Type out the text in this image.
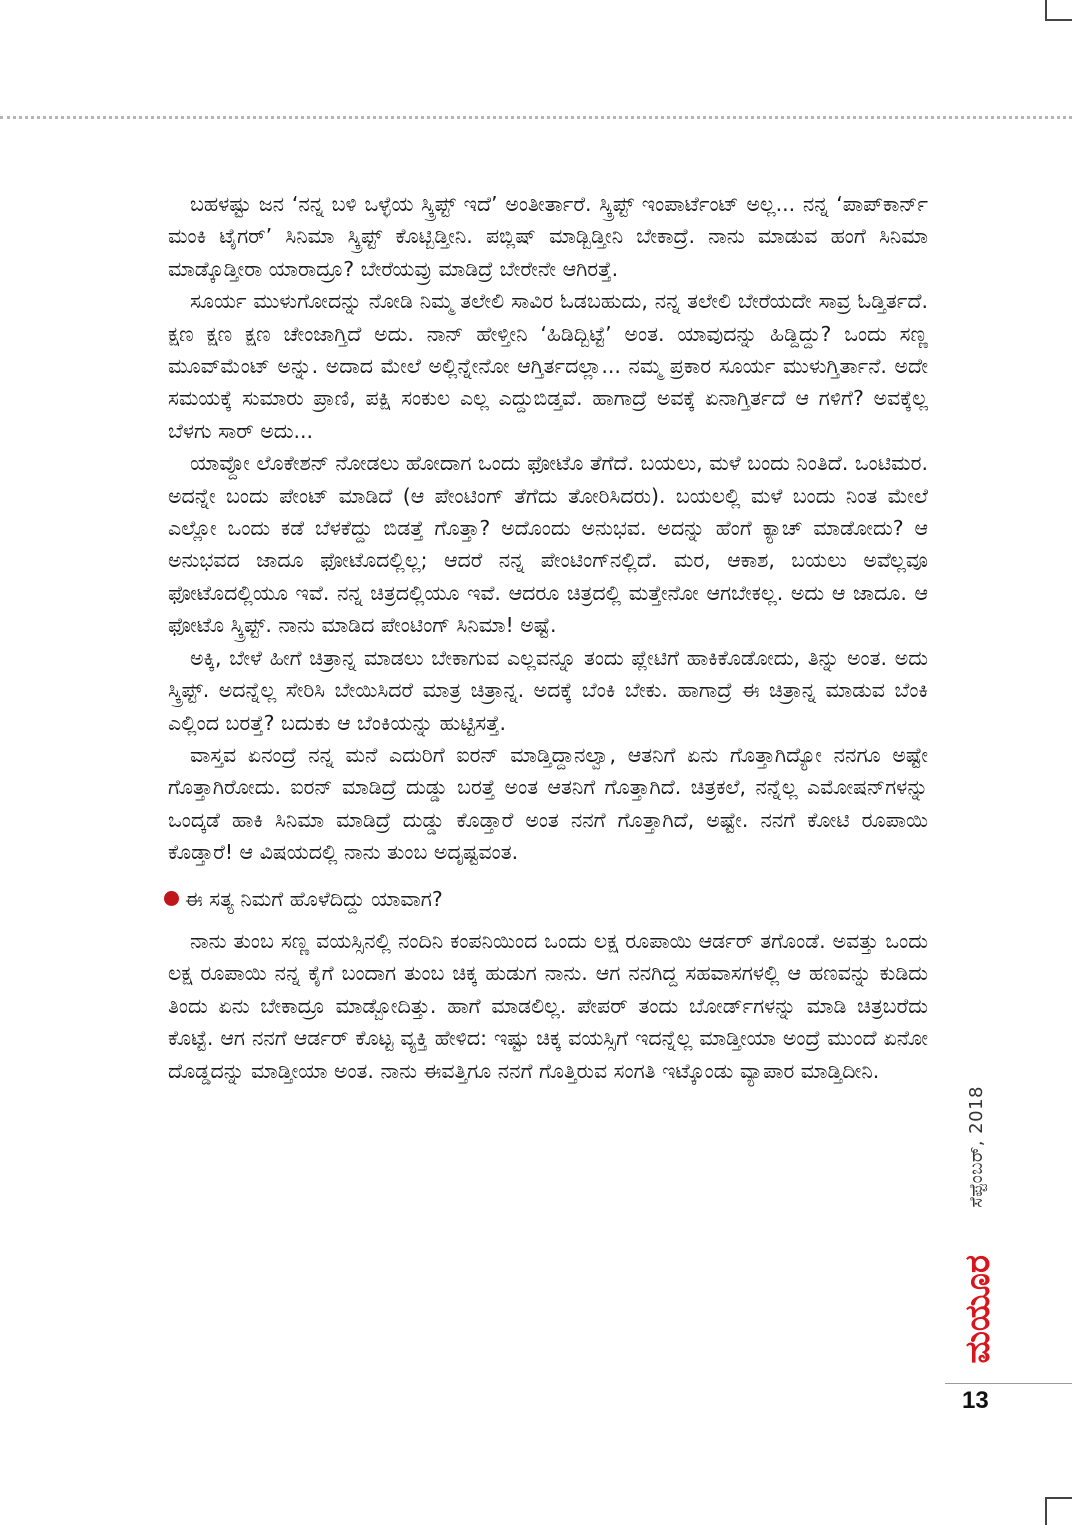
ಬಹಳಷ್ಟು ಜನ ‘ನನ್ನ ಬಳಿ ಒಳ್ಳೆಯ ಸ್ಕ್ರಿಪ್ಟ್ ಇದೆ’ ಅಂತೀರ್ತಾರೆ. ಸ್ಕ್ರಿಪ್ಟ್ ಇಂಪಾರ್ಟೆಂಟ್ ಅಲ್ಲ... ನನ್ನ ‘ಪಾಪ್‌ಕಾರ್ನ್ ಮಂಕಿ ಟೈಗರ್’ ಸಿನಿಮಾ ಸ್ಕ್ರಿಪ್ಟ್ ಕೊಟ್ಬಿಡ್ತೀನಿ. ಪಬ್ಲಿಷ್ ಮಾಡ್ಬಿಡ್ತೀನಿ ಬೇಕಾದ್ರೆ. ನಾನು ಮಾಡುವ ಹಂಗೆ ಸಿನಿಮಾ ಮಾಡ್ಕೊಡ್ತೀರಾ ಯಾರಾದ್ರೂ? ಬೇರೆಯವ್ರು ಮಾಡಿದ್ರೆ ಬೇರೇನೇ ಆಗಿರತ್ತೆ.

ಸೂರ್ಯ ಮುಳುಗೋದನ್ನು ನೋಡಿ ನಿಮ್ಮ ತಲೇಲಿ ಸಾವಿರ ಓಡಬಹುದು, ನನ್ನ ತಲೇಲಿ ಬೇರೆಯದೇ ಸಾವ್ರ ಓಡ್ತಿರ್ತದೆ. ಕ್ಷಣ ಕ್ಷಣ ಕ್ಷಣ ಚೇಂಜಾಗ್ತಿದೆ ಅದು. ನಾನ್ ಹೇಳ್ತೀನಿ ‘ಹಿಡಿದ್ಬಿಟ್ಟೆ’ ಅಂತ. ಯಾವುದನ್ನು ಹಿಡ್ದಿದ್ದು? ಒಂದು ಸಣ್ಣ ಮೂವ್‌ಮೆಂಟ್ ಅನ್ನು. ಅದಾದ ಮೇಲೆ ಅಲ್ಲಿನ್ನೇನೋ ಆಗ್ತಿರ್ತದಲ್ಲಾ... ನಮ್ಮ ಪ್ರಕಾರ ಸೂರ್ಯ ಮುಳುಗ್ತಿರ್ತಾನೆ. ಅದೇ ಸಮಯಕ್ಕೆ ಸುಮಾರು ಪ್ರಾಣಿ, ಪಕ್ಷಿ ಸಂಕುಲ ಎಲ್ಲ ಎದ್ದುಬಿಡ್ತವೆ. ಹಾಗಾದ್ರೆ ಅವಕ್ಕೆ ಏನಾಗ್ತಿರ್ತದೆ ಆ ಗಳಿಗೆ? ಅವಕ್ಕೆಲ್ಲ ಬೆಳಗು ಸಾರ್ ಅದು...

ಯಾವ್ದೋ ಲೊಕೇಶನ್ ನೋಡಲು ಹೋದಾಗ ಒಂದು ಫೋಟೊ ತೆಗೆದೆ. ಬಯಲು, ಮಳೆ ಬಂದು ನಿಂತಿದೆ. ಒಂಟಿಮರ. ಅದನ್ನೇ ಬಂದು ಪೇಂಟ್ ಮಾಡಿದೆ (ಆ ಪೇಂಟಿಂಗ್ ತೆಗೆದು ತೋರಿಸಿದರು). ಬಯಲಲ್ಲಿ ಮಳೆ ಬಂದು ನಿಂತ ಮೇಲೆ ಎಲ್ಲೋ ಒಂದು ಕಡೆ ಬೆಳಕೆದ್ದು ಬಿಡತ್ತೆ ಗೊತ್ತಾ? ಅದೊಂದು ಅನುಭವ. ಅದನ್ನು ಹೆಂಗೆ ಕ್ಯಾಚ್ ಮಾಡೋದು? ಆ ಅನುಭವದ ಜಾದೂ ಫೋಟೊದಲ್ಲಿಲ್ಲ; ಆದರೆ ನನ್ನ ಪೇಂಟಿಂಗ್‌ನಲ್ಲಿದೆ. ಮರ, ಆಕಾಶ, ಬಯಲು ಅವೆಲ್ಲವೂ ಫೋಟೊದಲ್ಲಿಯೂ ಇವೆ. ನನ್ನ ಚಿತ್ರದಲ್ಲಿಯೂ ಇವೆ. ಆದರೂ ಚಿತ್ರದಲ್ಲಿ ಮತ್ತೇನೋ ಆಗಬೇಕಲ್ಲ. ಅದು ಆ ಜಾದೂ. ಆ ಫೋಟೊ ಸ್ಕ್ರಿಪ್ಟ್. ನಾನು ಮಾಡಿದ ಪೇಂಟಿಂಗ್ ಸಿನಿಮಾ! ಅಷ್ಟೆ.

ಅಕ್ಕಿ, ಬೇಳೆ ಹೀಗೆ ಚಿತ್ರಾನ್ನ ಮಾಡಲು ಬೇಕಾಗುವ ಎಲ್ಲವನ್ನೂ ತಂದು ಪ್ಲೇಟಿಗೆ ಹಾಕಿಕೊಡೋದು, ತಿನ್ನು ಅಂತ. ಅದು ಸ್ಕ್ರಿಪ್ಟ್. ಅದನ್ನೆಲ್ಲ ಸೇರಿಸಿ ಬೇಯಿಸಿದರೆ ಮಾತ್ರ ಚಿತ್ರಾನ್ನ. ಅದಕ್ಕೆ ಬೆಂಕಿ ಬೇಕು. ಹಾಗಾದ್ರೆ ಈ ಚಿತ್ರಾನ್ನ ಮಾಡುವ ಬೆಂಕಿ ಎಲ್ಲಿಂದ ಬರತ್ತೆ? ಬದುಕು ಆ ಬೆಂಕಿಯನ್ನು ಹುಟ್ಟಿಸತ್ತೆ.

ವಾಸ್ತವ ಏನಂದ್ರೆ ನನ್ನ ಮನೆ ಎದುರಿಗೆ ಐರನ್ ಮಾಡ್ತಿದ್ದಾನಲ್ವಾ, ಆತನಿಗೆ ಏನು ಗೊತ್ತಾಗಿದ್ಯೋ ನನಗೂ ಅಷ್ಟೇ ಗೊತ್ತಾಗಿರೋದು. ಐರನ್ ಮಾಡಿದ್ರೆ ದುಡ್ಡು ಬರತ್ತೆ ಅಂತ ಆತನಿಗೆ ಗೊತ್ತಾಗಿದೆ. ಚಿತ್ರಕಲೆ, ನನ್ನೆಲ್ಲ ಎಮೋಷನ್‌ಗಳನ್ನು ಒಂದ್ಕಡೆ ಹಾಕಿ ಸಿನಿಮಾ ಮಾಡಿದ್ರೆ ದುಡ್ಡು ಕೊಡ್ತಾರೆ ಅಂತ ನನಗೆ ಗೊತ್ತಾಗಿದೆ, ಅಷ್ಟೇ. ನನಗೆ ಕೋಟಿ ರೂಪಾಯಿ ಕೊಡ್ತಾರೆ! ಆ ವಿಷಯದಲ್ಲಿ ನಾನು ತುಂಬ ಅದೃಷ್ಟವಂತ.

ಈ ಸತ್ಯ ನಿಮಗೆ ಹೊಳೆದಿದ್ದು ಯಾವಾಗ?

ನಾನು ತುಂಬ ಸಣ್ಣ ವಯಸ್ಸಿನಲ್ಲಿ ನಂದಿನಿ ಕಂಪನಿಯಿಂದ ಒಂದು ಲಕ್ಷ ರೂಪಾಯಿ ಆರ್ಡರ್ ತಗೊಂಡೆ. ಅವತ್ತು ಒಂದು ಲಕ್ಷ ರೂಪಾಯಿ ನನ್ನ ಕೈಗೆ ಬಂದಾಗ ತುಂಬ ಚಿಕ್ಕ ಹುಡುಗ ನಾನು. ಆಗ ನನಗಿದ್ದ ಸಹವಾಸಗಳಲ್ಲಿ ಆ ಹಣವನ್ನು ಕುಡಿದು ತಿಂದು ಏನು ಬೇಕಾದ್ರೂ ಮಾಡ್ಬೋದಿತ್ತು. ಹಾಗೆ ಮಾಡಲಿಲ್ಲ. ಪೇಪರ್ ತಂದು ಬೋರ್ಡ್‌ಗಳನ್ನು ಮಾಡಿ ಚಿತ್ರಬರೆದು ಕೊಟ್ಟೆ. ಆಗ ನನಗೆ ಆರ್ಡರ್ ಕೊಟ್ಟ ವ್ಯಕ್ತಿ ಹೇಳಿದ: ಇಷ್ಟು ಚಿಕ್ಕ ವಯಸ್ಸಿಗೆ ಇದನ್ನೆಲ್ಲ ಮಾಡ್ತೀಯಾ ಅಂದ್ರೆ ಮುಂದೆ ಏನೋ ದೊಡ್ಡದನ್ನು ಮಾಡ್ತೀಯಾ ಅಂತ. ನಾನು ಈವತ್ತಿಗೂ ನನಗೆ ಗೊತ್ತಿರುವ ಸಂಗತಿ ಇಟ್ಕೊಂಡು ವ್ಯಾಪಾರ ಮಾಡ್ತಿದೀನಿ.

ಸೆಪ್ಟೆಂಬರ್, 2018
ಮಯೂರ
13
